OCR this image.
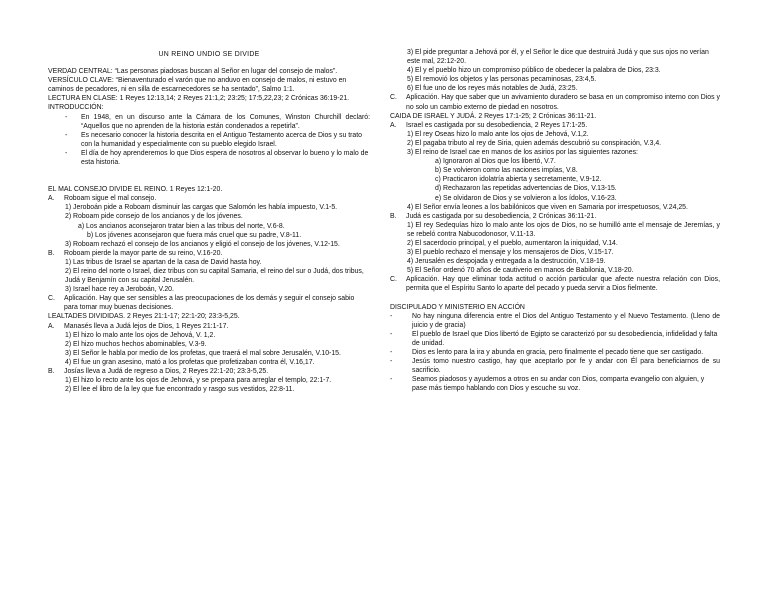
UN REINO UNDIO SE DIVIDE

VERDAD CENTRAL: “Las personas piadosas buscan al Señor en lugar del consejo de malos”.

VERSÍCULO CLAVE: “Bienaventurado el varón que no anduvo en consejo de malos, ni estuvo en caminos de pecadores, ni en silla de escarnecedores se ha sentado”, Salmo 1:1.

LECTURA EN CLASE: 1 Reyes 12:13,14; 2 Reyes 21:1,2; 23:25; 17:5,22,23; 2 Crónicas 36:19-21.

INTRODUCCIÓN:

-	En 1948, en un discurso ante la Cámara de los Comunes, Winston Churchill declaró: “Aquellos que no aprenden de la historia están condenados a repetirla”.
-	Es necesario conocer la historia descrita en el Antiguo Testamento acerca de Dios y su trato con la humanidad y especialmente con su pueblo elegido Israel.
-	El día de hoy aprenderemos lo que Dios espera de nosotros al observar lo bueno y lo malo de esta historia.

EL MAL CONSEJO DIVIDE EL REINO. 1 Reyes 12:1-20.

A.	Roboam sigue el mal consejo.

1) Jeroboán pide a Roboam disminuir las cargas que Salomón les había impuesto, V.1-5.

2) Roboam pide consejo de los ancianos y de los jóvenes.

a) Los ancianos aconsejaron tratar bien a las tribus del norte, V.6-8.

b) Los jóvenes aconsejaron que fuera más cruel que su padre, V.8-11.

3) Roboam rechazó el consejo de los ancianos y eligió el consejo de los jóvenes, V.12-15.

B.	Roboam pierde la mayor parte de su reino, V.16-20.

1) Las tribus de Israel se apartan de la casa de David hasta hoy.

2) El reino del norte o Israel, diez tribus con su capital Samaria, el reino del sur o Judá, dos tribus, Judá y Benjamín con su capital Jerusalén.

3) Israel hace rey a Jeroboán, V.20.

C.	Aplicación. Hay que ser sensibles a las preocupaciones de los demás y seguir el consejo sabio para tomar muy buenas decisiones.

LEALTADES DIVIDIDAS. 2 Reyes 21:1-17; 22:1-20; 23:3-5,25.

A.	Manasés lleva a Judá lejos de Dios, 1 Reyes 21:1-17.

1) El hizo lo malo ante los ojos de Jehová, V. 1,2.

2) El hizo muchos hechos abominables, V.3-9.

3) El Señor le habla por medio de los profetas, que traerá el mal sobre Jerusalén, V.10-15.

4) El fue un gran asesino, mató a los profetas que profetizaban contra él, V.16,17.

B.	Josías lleva a Judá de regreso a Dios, 2 Reyes 22:1-20; 23:3-5,25.

1) El hizo lo recto ante los ojos de Jehová, y se prepara para arreglar el templo, 22:1-7.

2) El lee el libro de la ley que fue encontrado y rasgo sus vestidos, 22:8-11.

3) El pide preguntar a Jehová por él, y el Señor le dice que destruirá Judá y que sus ojos no verían este mal, 22:12-20.

4) El y el pueblo hizo un compromiso público de obedecer la palabra de Dios, 23:3.

5) El removió los objetos y las personas pecaminosas, 23:4,5.

6) El fue uno de los reyes más notables de Judá, 23:25.

C.	Aplicación. Hay que saber que un avivamiento duradero se basa en un compromiso interno con Dios y no solo un cambio externo de piedad en nosotros.

CAIDA DE ISRAEL Y JUDÁ. 2 Reyes 17:1-25; 2 Crónicas 36:11-21.

A.	Israel es castigada por su desobediencia, 2 Reyes 17:1-25.

1) El rey Oseas hizo lo malo ante los ojos de Jehová, V.1,2.

2) El pagaba tributo al rey de Siria, quien además descubrió su conspiración, V.3,4.

3) El reino de Israel cae en manos de los asirios por las siguientes razones:

a) Ignoraron al Dios que los libertó, V.7.

b) Se volvieron como las naciones impías, V.8.

c) Practicaron idolatría abierta y secretamente, V.9-12.

d) Rechazaron las repetidas advertencias de Dios, V.13-15.

e) Se olvidaron de Dios y se volvieron a los ídolos, V.16-23.

4) El Señor envía leones a los babilónicos que viven en Samaria por irrespetuosos, V.24,25.

B.	Judá es castigada por su desobediencia, 2 Crónicas 36:11-21.

1) El rey Sedequías hizo lo malo ante los ojos de Dios, no se humilló ante el mensaje de Jeremías, y se rebeló contra Nabucodonosor, V.11-13.

2) El sacerdocio principal, y el pueblo, aumentaron la iniquidad, V.14.

3) El pueblo rechazo el mensaje y los mensajeros de Dios, V.15-17.

4) Jerusalén es despojada y entregada a la destrucción, V.18-19.

5) El Señor ordenó 70 años de cautiverio en manos de Babilonia, V.18-20.

C.	Aplicación. Hay que eliminar toda actitud o acción particular que afecte nuestra relación con Dios, permita que el Espíritu Santo lo aparte del pecado y pueda servir a Dios fielmente.

DISCIPULADO Y MINISTERIO EN ACCIÓN

-	No hay ninguna diferencia entre el Dios del Antiguo Testamento y el Nuevo Testamento. (Lleno de juicio y de gracia)
-	El pueblo de Israel que Dios libertó de Egipto se caracterizó por su desobediencia, infidelidad y falta de unidad.
-	Dios es lento para la ira y abunda en gracia, pero finalmente el pecado tiene que ser castigado.
-	Jesús tomo nuestro castigo, hay que aceptarlo por fe y andar con Él para beneficiarnos de su sacrificio.
-	Seamos piadosos y ayudemos a otros en su andar con Dios, comparta evangelio con alguien, y pase más tiempo hablando con Dios y escuche su voz.
